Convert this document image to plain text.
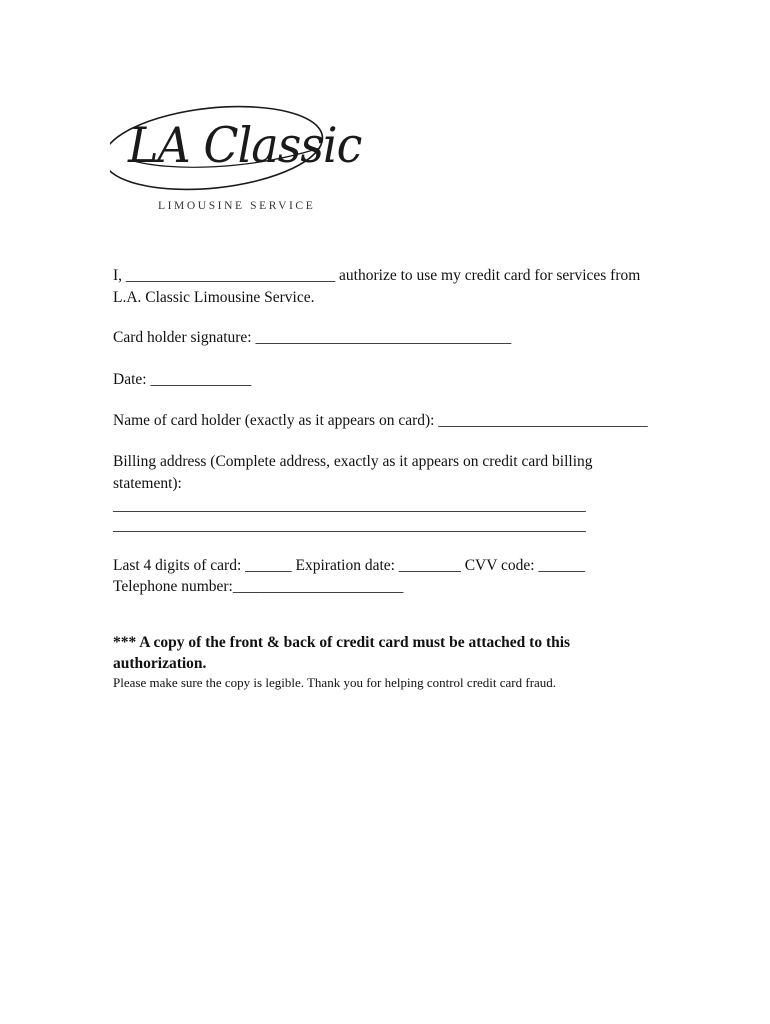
LA Classic
LIMOUSINE SERVICE
I, ___________________________ authorize to use my credit card for services from
L.A. Classic Limousine Service.
Card holder signature: _________________________________
Date: _____________
Name of card holder (exactly as it appears on card): ___________________________
Billing address (Complete address, exactly as it appears on credit card billing
statement):
_____________________________________________________________
_____________________________________________________________
Last 4 digits of card: ______ Expiration date: ________ CVV code: ______
Telephone number:______________________
*** A copy of the front & back of credit card must be attached to this
authorization.
Please make sure the copy is legible. Thank you for helping control credit card fraud.
